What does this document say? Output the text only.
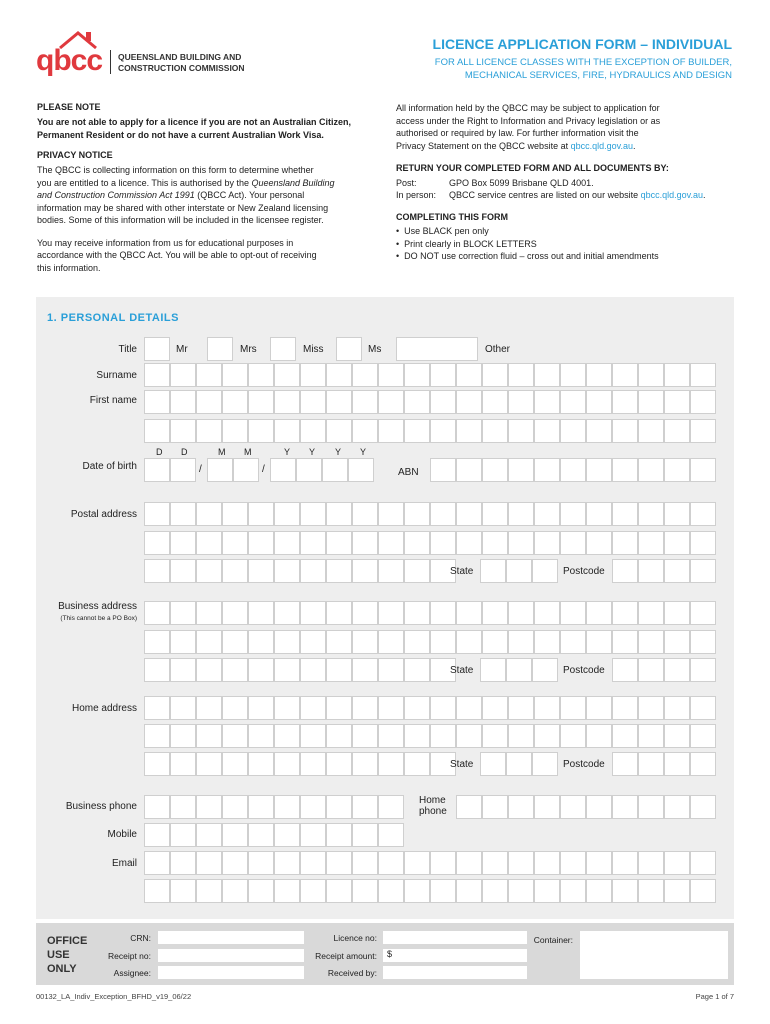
qbcc QUEENSLAND BUILDING AND
CONSTRUCTION COMMISSION
LICENCE APPLICATION FORM – INDIVIDUAL
FOR ALL LICENCE CLASSES WITH THE EXCEPTION OF BUILDER,
MECHANICAL SERVICES, FIRE, HYDRAULICS AND DESIGN
PLEASE NOTE
You are not able to apply for a licence if you are not an Australian Citizen,
Permanent Resident or do not have a current Australian Work Visa.
PRIVACY NOTICE
The QBCC is collecting information on this form to determine whether
you are entitled to a licence. This is authorised by the Queensland Building
and Construction Commission Act 1991 (QBCC Act). Your personal
information may be shared with other interstate or New Zealand licensing
bodies. Some of this information will be included in the licensee register.
You may receive information from us for educational purposes in
accordance with the QBCC Act. You will be able to opt-out of receiving
this information.
All information held by the QBCC may be subject to application for
access under the Right to Information and Privacy legislation or as
authorised or required by law. For further information visit the
Privacy Statement on the QBCC website at qbcc.qld.gov.au.
RETURN YOUR COMPLETED FORM AND ALL DOCUMENTS BY:
Post:	GPO Box 5099 Brisbane QLD 4001.
In person: QBCC service centres are listed on our website qbcc.qld.gov.au.
COMPLETING THIS FORM
•  Use BLACK pen only
•  Print clearly in BLOCK LETTERS
•  DO NOT use correction fluid – cross out and initial amendments
1. PERSONAL DETAILS
Title	Mr	Mrs	Miss	Ms	Other
Surname
First name
D D	M M	Y Y Y Y
Date of birth	/	/	ABN
Postal address
State	Postcode
Business address
(This cannot be a PO Box)
State	Postcode
Home address
State	Postcode
Business phone
Home
phone
Mobile
Email
OFFICE
USE
ONLY
CRN:
Receipt no:
Assignee:
Licence no:
Receipt amount:	$
Received by:
Container:
00132_LA_Indiv_Exception_BFHD_v19_06/22	Page 1 of 7
